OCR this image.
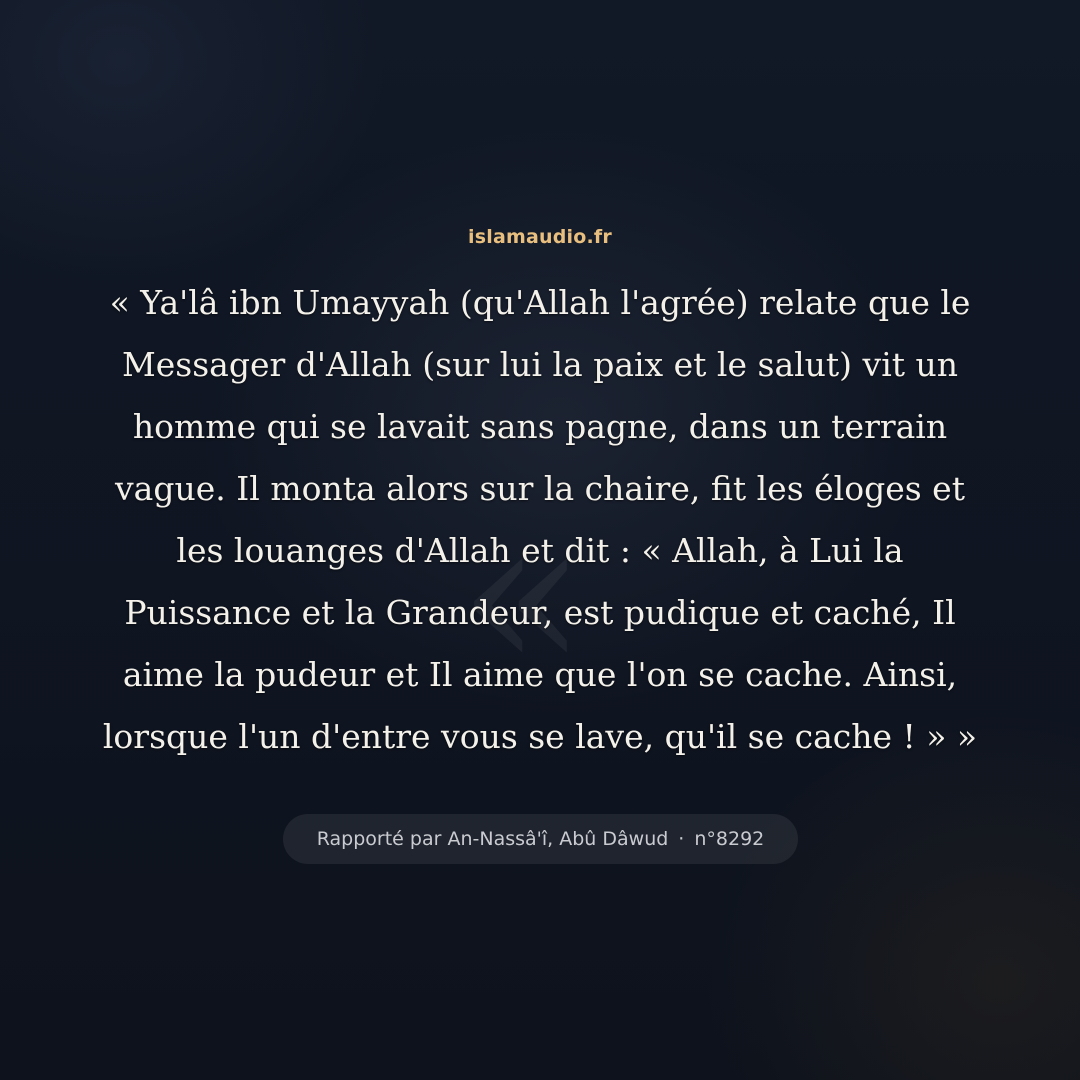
islamaudio.fr
«

« Ya'lâ ibn Umayyah (qu'Allah l'agrée) relate que le Messager d'Allah (sur lui la paix et le salut) vit un homme qui se lavait sans pagne, dans un terrain vague. Il monta alors sur la chaire, fit les éloges et les louanges d'Allah et dit : « Allah, à Lui la Puissance et la Grandeur, est pudique et caché, Il aime la pudeur et Il aime que l'on se cache. Ainsi, lorsque l'un d'entre vous se lave, qu'il se cache ! » »

Rapporté par An-Nassâ'î, Abû Dâwud · n°8292
